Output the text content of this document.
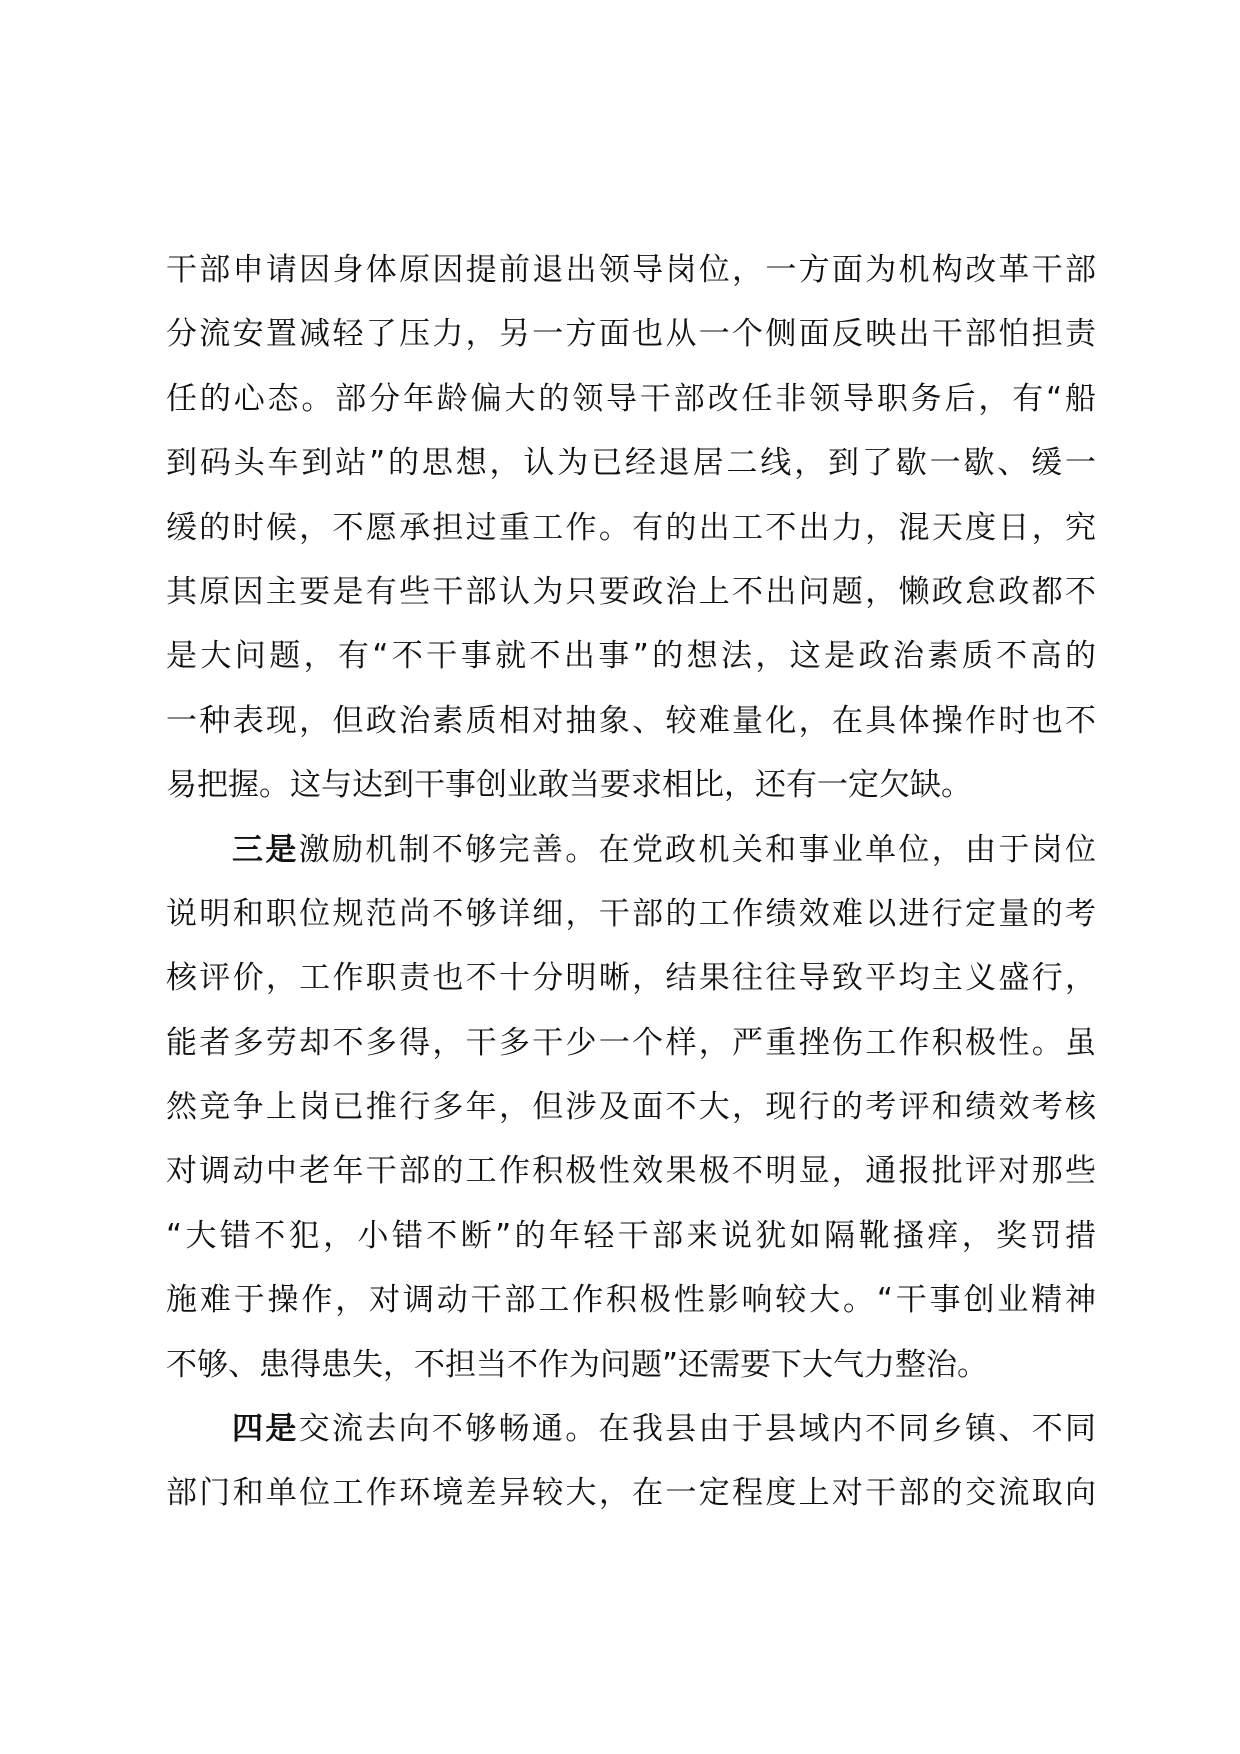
干部申请因身体原因提前退出领导岗位，一方面为机构改革干部
分流安置减轻了压力，另一方面也从一个侧面反映出干部怕担责
任的心态。部分年龄偏大的领导干部改任非领导职务后，有“船
到码头车到站”的思想，认为已经退居二线，到了歇一歇、缓一
缓的时候，不愿承担过重工作。有的出工不出力，混天度日，究
其原因主要是有些干部认为只要政治上不出问题，懒政怠政都不
是大问题，有“不干事就不出事”的想法，这是政治素质不高的
一种表现，但政治素质相对抽象、较难量化，在具体操作时也不
易把握。这与达到干事创业敢当要求相比，还有一定欠缺。
三是激励机制不够完善。在党政机关和事业单位，由于岗位
说明和职位规范尚不够详细，干部的工作绩效难以进行定量的考
核评价，工作职责也不十分明晰，结果往往导致平均主义盛行，
能者多劳却不多得，干多干少一个样，严重挫伤工作积极性。虽
然竞争上岗已推行多年，但涉及面不大，现行的考评和绩效考核
对调动中老年干部的工作积极性效果极不明显，通报批评对那些
“大错不犯，小错不断”的年轻干部来说犹如隔靴搔痒，奖罚措
施难于操作，对调动干部工作积极性影响较大。“干事创业精神
不够、患得患失，不担当不作为问题”还需要下大气力整治。
四是交流去向不够畅通。在我县由于县域内不同乡镇、不同
部门和单位工作环境差异较大，在一定程度上对干部的交流取向
